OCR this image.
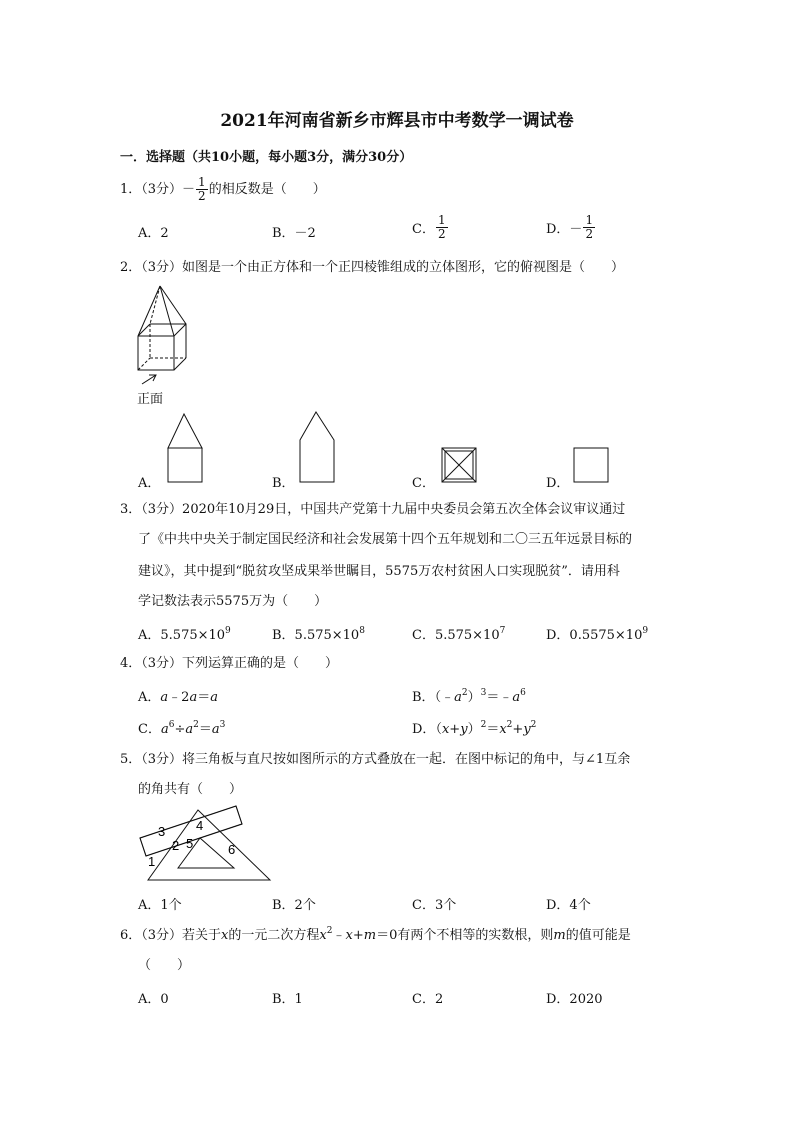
2021年河南省新乡市辉县市中考数学一调试卷
一．选择题（共10小题，每小题3分，满分30分）
1．（3分）－ $\frac{1}{2}$ 的相反数是（　　）
A．2	B．－2	C． $\frac{1}{2}$	D．－ $\frac{1}{2}$
2．（3分）如图是一个由正方体和一个正四棱锥组成的立体图形，它的俯视图是（　　）
正面
A．	B．	C．	D．
3．（3分）2020年10月29日，中国共产党第十九届中央委员会第五次全体会议审议通过
了《中共中央关于制定国民经济和社会发展第十四个五年规划和二〇三五年远景目标的
建议》，其中提到“脱贫攻坚成果举世瞩目，5575万农村贫困人口实现脱贫”．请用科
学记数法表示5575万为（　　）
A．$5.575\times 10^9$	B．$5.575\times 10^8$	C．$5.575\times 10^7$	D．$0.5575\times 10^9$
4．（3分）下列运算正确的是（　　）
A．a﹣2a＝a	B．$(﹣a^2)^3=﹣a^6$
C．$a^6\div a^2=a^3$	D．$(x+y)^2=x^2+y^2$
5．（3分）将三角板与直尺按如图所示的方式叠放在一起．在图中标记的角中，与∠1互余
的角共有（　　）
3 4
2 5	6
1
A．1个	B．2个	C．3个	D．4个
6．（3分）若关于x的一元二次方程$x^2﹣x+m=0$有两个不相等的实数根，则m的值可能是
（　　）
A．0	B．1	C．2	D．2020
